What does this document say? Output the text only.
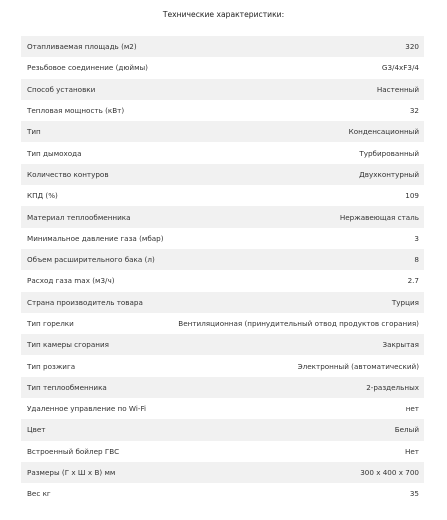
Технические характеристики:
Отапливаемая площадь (м2)	320
Резьбовое соединение (дюймы)	G3/4xF3/4
Способ установки	Настенный
Тепловая мощность (кВт)	32
Тип	Конденсационный
Тип дымохода	Турбированный
Количество контуров	Двухконтурный
КПД (%)	109
Материал теплообменника	Нержавеющая сталь
Минимальное давление газа (мбар)	3
Объем расширительного бака (л)	8
Расход газа max (м3/ч)	2.7
Страна производитель товара	Турция
Тип горелки	Вентиляционная (принудительный отвод продуктов сгорания)
Тип камеры сгорания	Закрытая
Тип розжига	Электронный (автоматический)
Тип теплообменника	2-раздельных
Удаленное управление по Wi-Fi	нет
Цвет	Белый
Встроенный бойлер ГВС	Нет
Размеры (Г х Ш х В) мм	300 x 400 x 700
Вес кг	35
